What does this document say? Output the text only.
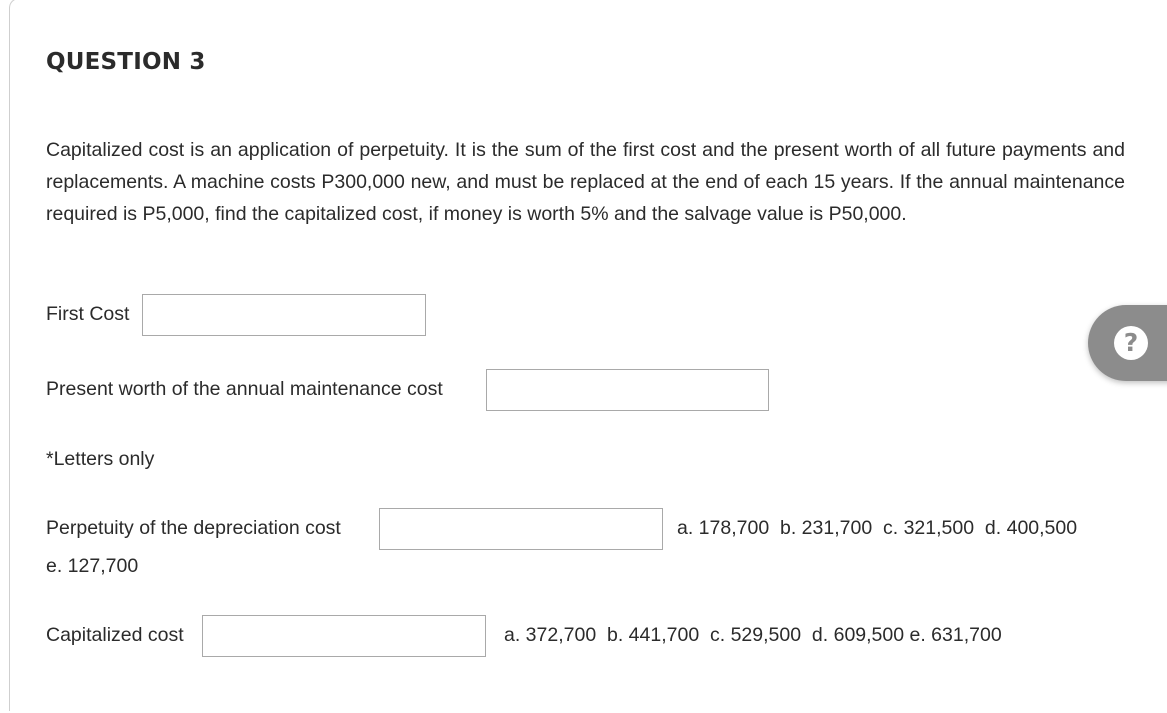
QUESTION 3
Capitalized cost is an application of perpetuity. It is the sum of the first cost and the present worth of all future payments and replacements. A machine costs P300,000 new, and must be replaced at the end of each 15 years. If the annual maintenance required is P5,000, find the capitalized cost, if money is worth 5% and the salvage value is P50,000.
First Cost
Present worth of the annual maintenance cost
*Letters only
Perpetuity of the depreciation cost	a. 178,700  b. 231,700  c. 321,500  d. 400,500
e. 127,700
Capitalized cost	a. 372,700  b. 441,700  c. 529,500  d. 609,500 e. 631,700
?
